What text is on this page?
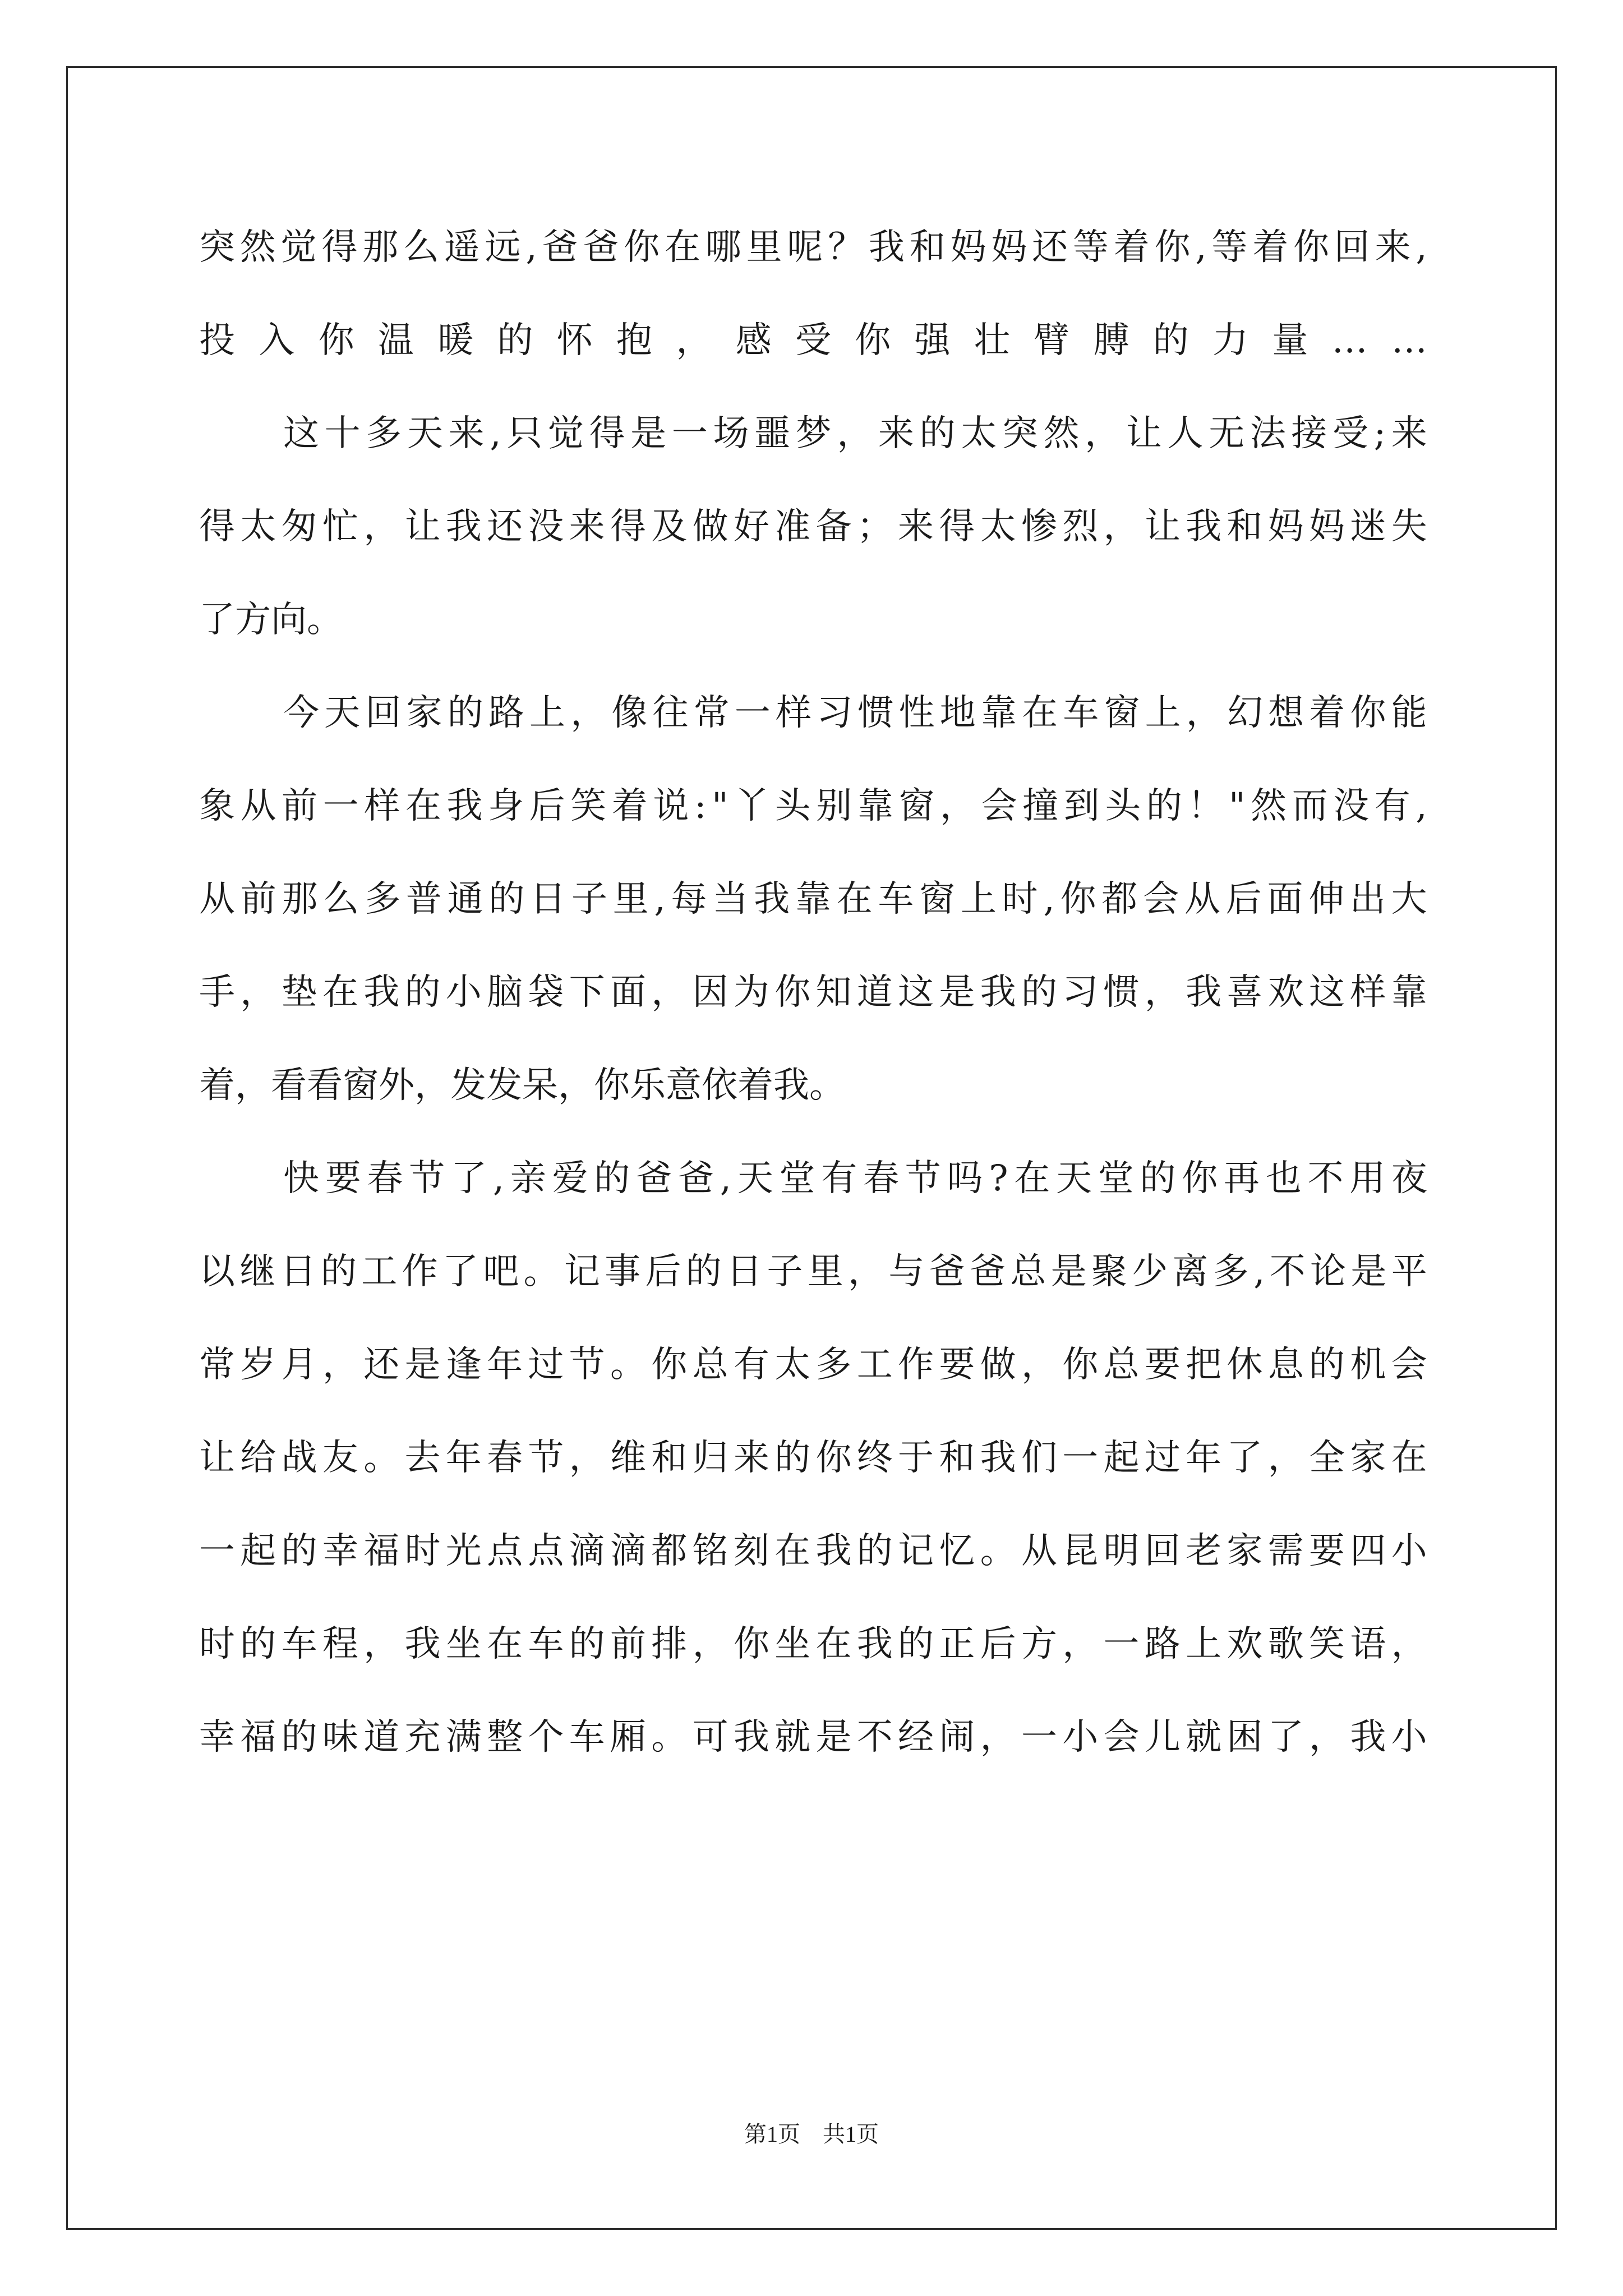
突 然 觉 得 那 么 遥 远 , 爸 爸 你 在 哪 里 呢 ？ 我 和 妈 妈 还 等 着 你 , 等 着 你 回 来 ,
投 入 你 温 暖 的 怀 抱 ， 感 受 你 强 壮 臂 膊 的 力 量 … …
这 十 多 天 来 , 只 觉 得 是 一 场 噩 梦 ， 来 的 太 突 然 ， 让 人 无 法 接 受 ; 来
得 太 匆 忙 ， 让 我 还 没 来 得 及 做 好 准 备 ； 来 得 太 惨 烈 ， 让 我 和 妈 妈 迷 失
了方向。
今 天 回 家 的 路 上 ， 像 往 常 一 样 习 惯 性 地 靠 在 车 窗 上 ， 幻 想 着 你 能
象 从 前 一 样 在 我 身 后 笑 着 说 : " 丫 头 别 靠 窗 ， 会 撞 到 头 的 ！ " 然 而 没 有 ,
从 前 那 么 多 普 通 的 日 子 里 , 每 当 我 靠 在 车 窗 上 时 , 你 都 会 从 后 面 伸 出 大
手 ， 垫 在 我 的 小 脑 袋 下 面 ， 因 为 你 知 道 这 是 我 的 习 惯 ， 我 喜 欢 这 样 靠
着，看看窗外，发发呆，你乐意依着我。
快 要 春 节 了 , 亲 爱 的 爸 爸 , 天 堂 有 春 节 吗 ? 在 天 堂 的 你 再 也 不 用 夜
以 继 日 的 工 作 了 吧 。 记 事 后 的 日 子 里 ， 与 爸 爸 总 是 聚 少 离 多 , 不 论 是 平
常 岁 月 ， 还 是 逢 年 过 节 。 你 总 有 太 多 工 作 要 做 ， 你 总 要 把 休 息 的 机 会
让 给 战 友 。 去 年 春 节 ， 维 和 归 来 的 你 终 于 和 我 们 一 起 过 年 了 ， 全 家 在
一 起 的 幸 福 时 光 点 点 滴 滴 都 铭 刻 在 我 的 记 忆 。 从 昆 明 回 老 家 需 要 四 小
时 的 车 程 ， 我 坐 在 车 的 前 排 ， 你 坐 在 我 的 正 后 方 ， 一 路 上 欢 歌 笑 语 ，
幸 福 的 味 道 充 满 整 个 车 厢 。 可 我 就 是 不 经 闹 ， 一 小 会 儿 就 困 了 ， 我 小
第1页　共1页
